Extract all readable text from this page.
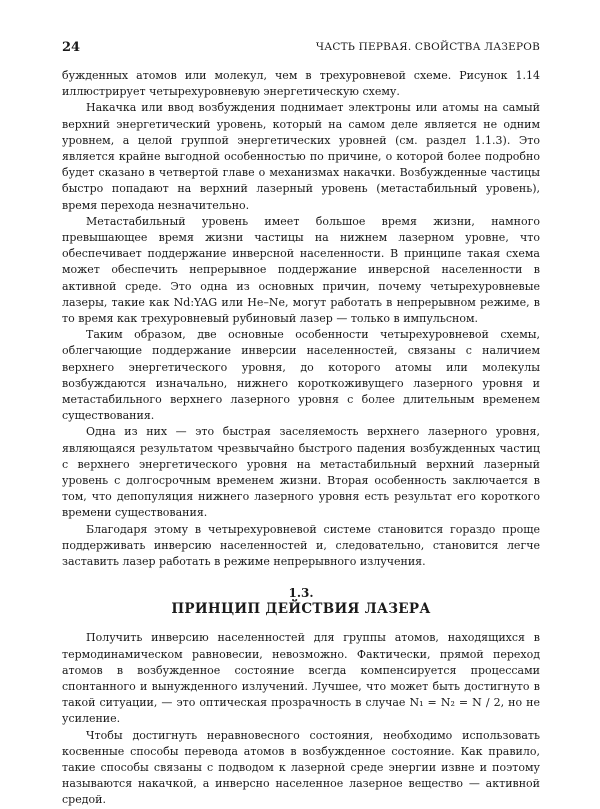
24	ЧАСТЬ ПЕРВАЯ. СВОЙСТВА ЛАЗЕРОВ

бужденных атомов или молекул, чем в трехуровневой схеме. Рисунок 1.14 иллюстрирует четырехуровневую энергетическую схему.

Накачка или ввод возбуждения поднимает электроны или атомы на самый верхний энергетический уровень, который на самом деле является не одним уровнем, а целой группой энергетических уровней (см. раздел 1.1.3). Это является крайне выгодной особенностью по причине, о которой более подробно будет сказано в четвертой главе о механизмах накачки. Возбужденные частицы быстро попадают на верхний лазерный уровень (метастабильный уровень), время перехода незначительно.

Метастабильный уровень имеет большое время жизни, намного превышающее время жизни частицы на нижнем лазерном уровне, что обеспечивает поддержание инверсной населенности. В принципе такая схема может обеспечить непрерывное поддержание инверсной населенности в активной среде. Это одна из основных причин, почему четырехуровневые лазеры, такие как Nd:YAG или He–Ne, могут работать в непрерывном режиме, в то время как трехуровневый рубиновый лазер — только в импульсном.

Таким образом, две основные особенности четырехуровневой схемы, облегчающие поддержание инверсии населенностей, связаны с наличием верхнего энергетического уровня, до которого атомы или молекулы возбуждаются изначально, нижнего короткоживущего лазерного уровня и метастабильного верхнего лазерного уровня с более длительным временем существования.

Одна из них — это быстрая заселяемость верхнего лазерного уровня, являющаяся результатом чрезвычайно быстрого падения возбужденных частиц с верхнего энергетического уровня на метастабильный верхний лазерный уровень с долгосрочным временем жизни. Вторая особенность заключается в том, что депопуляция нижнего лазерного уровня есть результат его короткого времени существования.

Благодаря этому в четырехуровневой системе становится гораздо проще поддерживать инверсию населенностей и, следовательно, становится легче заставить лазер работать в режиме непрерывного излучения.

1.3.
ПРИНЦИП ДЕЙСТВИЯ ЛАЗЕРА

Получить инверсию населенностей для группы атомов, находящихся в термодинамическом равновесии, невозможно. Фактически, прямой переход атомов в возбужденное состояние всегда компенсируется процессами спонтанного и вынужденного излучений. Лучшее, что может быть достигнуто в такой ситуации, — это оптическая прозрачность в случае N₁ = N₂ = N / 2, но не усиление.

Чтобы достигнуть неравновесного состояния, необходимо использовать косвенные способы перевода атомов в возбужденное состояние. Как правило, такие способы связаны с подводом к лазерной среде энергии извне и поэтому называются накачкой, а инверсно населенное лазерное вещество — активной средой.
